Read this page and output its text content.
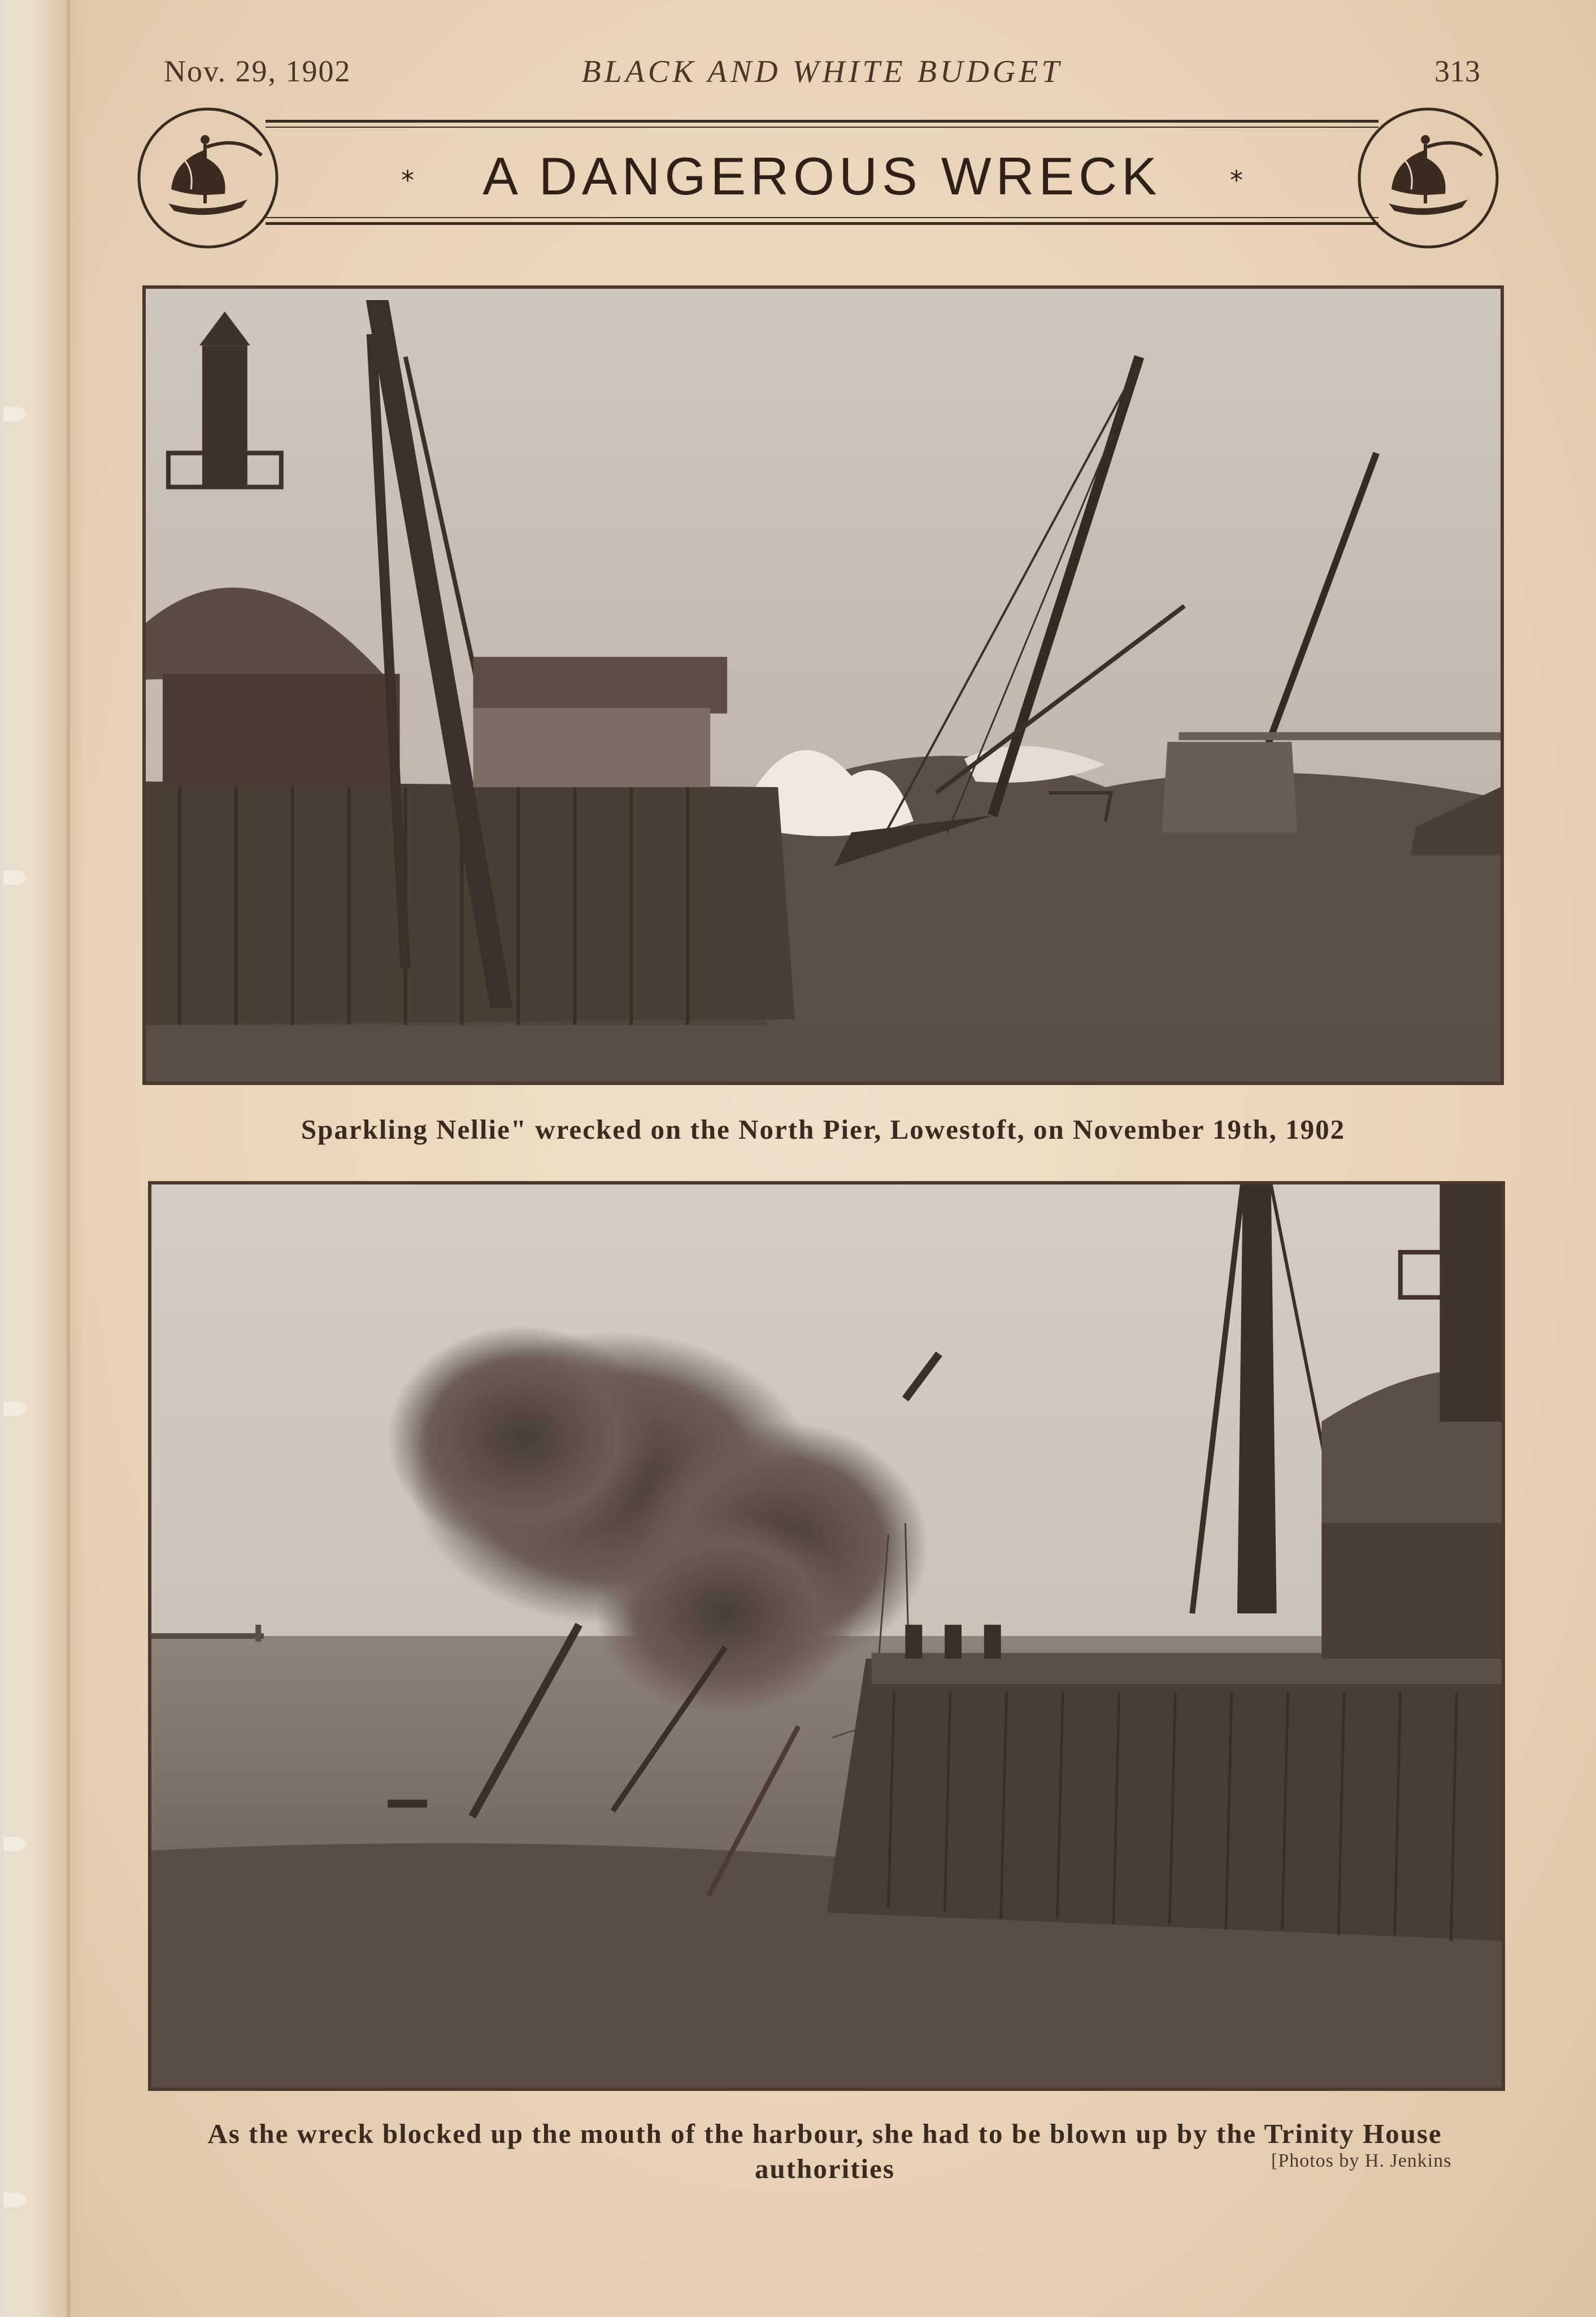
Nov. 29, 1902	BLACK AND WHITE BUDGET	313
*	A DANGEROUS WRECK	*
Sparkling Nellie" wrecked on the North Pier, Lowestoft, on November 19th, 1902
As the wreck blocked up the mouth of the harbour, she had to be blown up by the Trinity House authorities	[Photos by H. Jenkins
